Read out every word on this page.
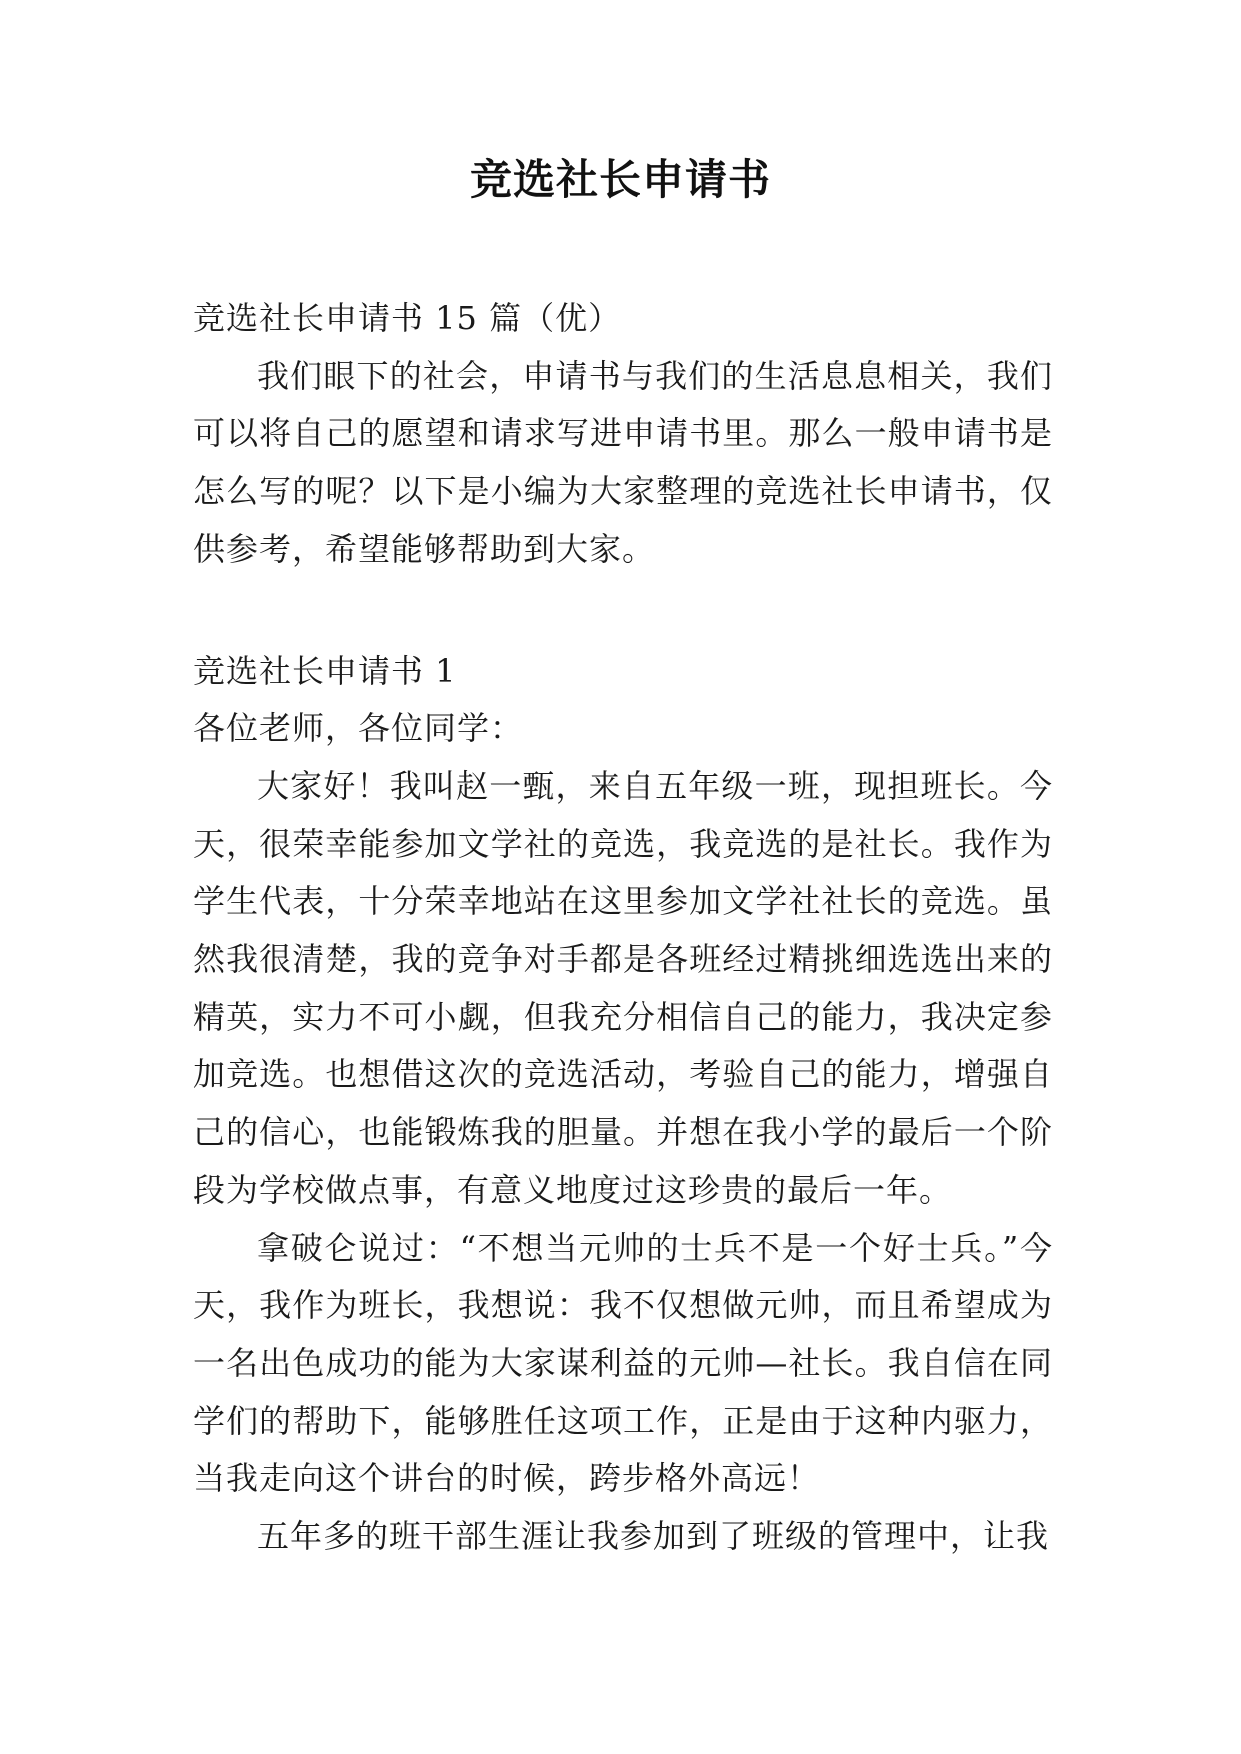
竞选社长申请书

竞选社长申请书 15 篇（优）

我们眼下的社会，申请书与我们的生活息息相关，我们可以将自己的愿望和请求写进申请书里。那么一般申请书是怎么写的呢？以下是小编为大家整理的竞选社长申请书，仅供参考，希望能够帮助到大家。

竞选社长申请书 1

各位老师，各位同学：

大家好！我叫赵一甄，来自五年级一班，现担班长。今天，很荣幸能参加文学社的竞选，我竞选的是社长。我作为学生代表，十分荣幸地站在这里参加文学社社长的竞选。虽然我很清楚，我的竞争对手都是各班经过精挑细选选出来的精英，实力不可小觑，但我充分相信自己的能力，我决定参加竞选。也想借这次的竞选活动，考验自己的能力，增强自己的信心，也能锻炼我的胆量。并想在我小学的最后一个阶段为学校做点事，有意义地度过这珍贵的最后一年。

拿破仑说过：“不想当元帅的士兵不是一个好士兵。”今天，我作为班长，我想说：我不仅想做元帅，而且希望成为一名出色成功的能为大家谋利益的元帅—社长。我自信在同学们的帮助下，能够胜任这项工作，正是由于这种内驱力，当我走向这个讲台的时候，跨步格外高远！

五年多的班干部生涯让我参加到了班级的管理中，让我
